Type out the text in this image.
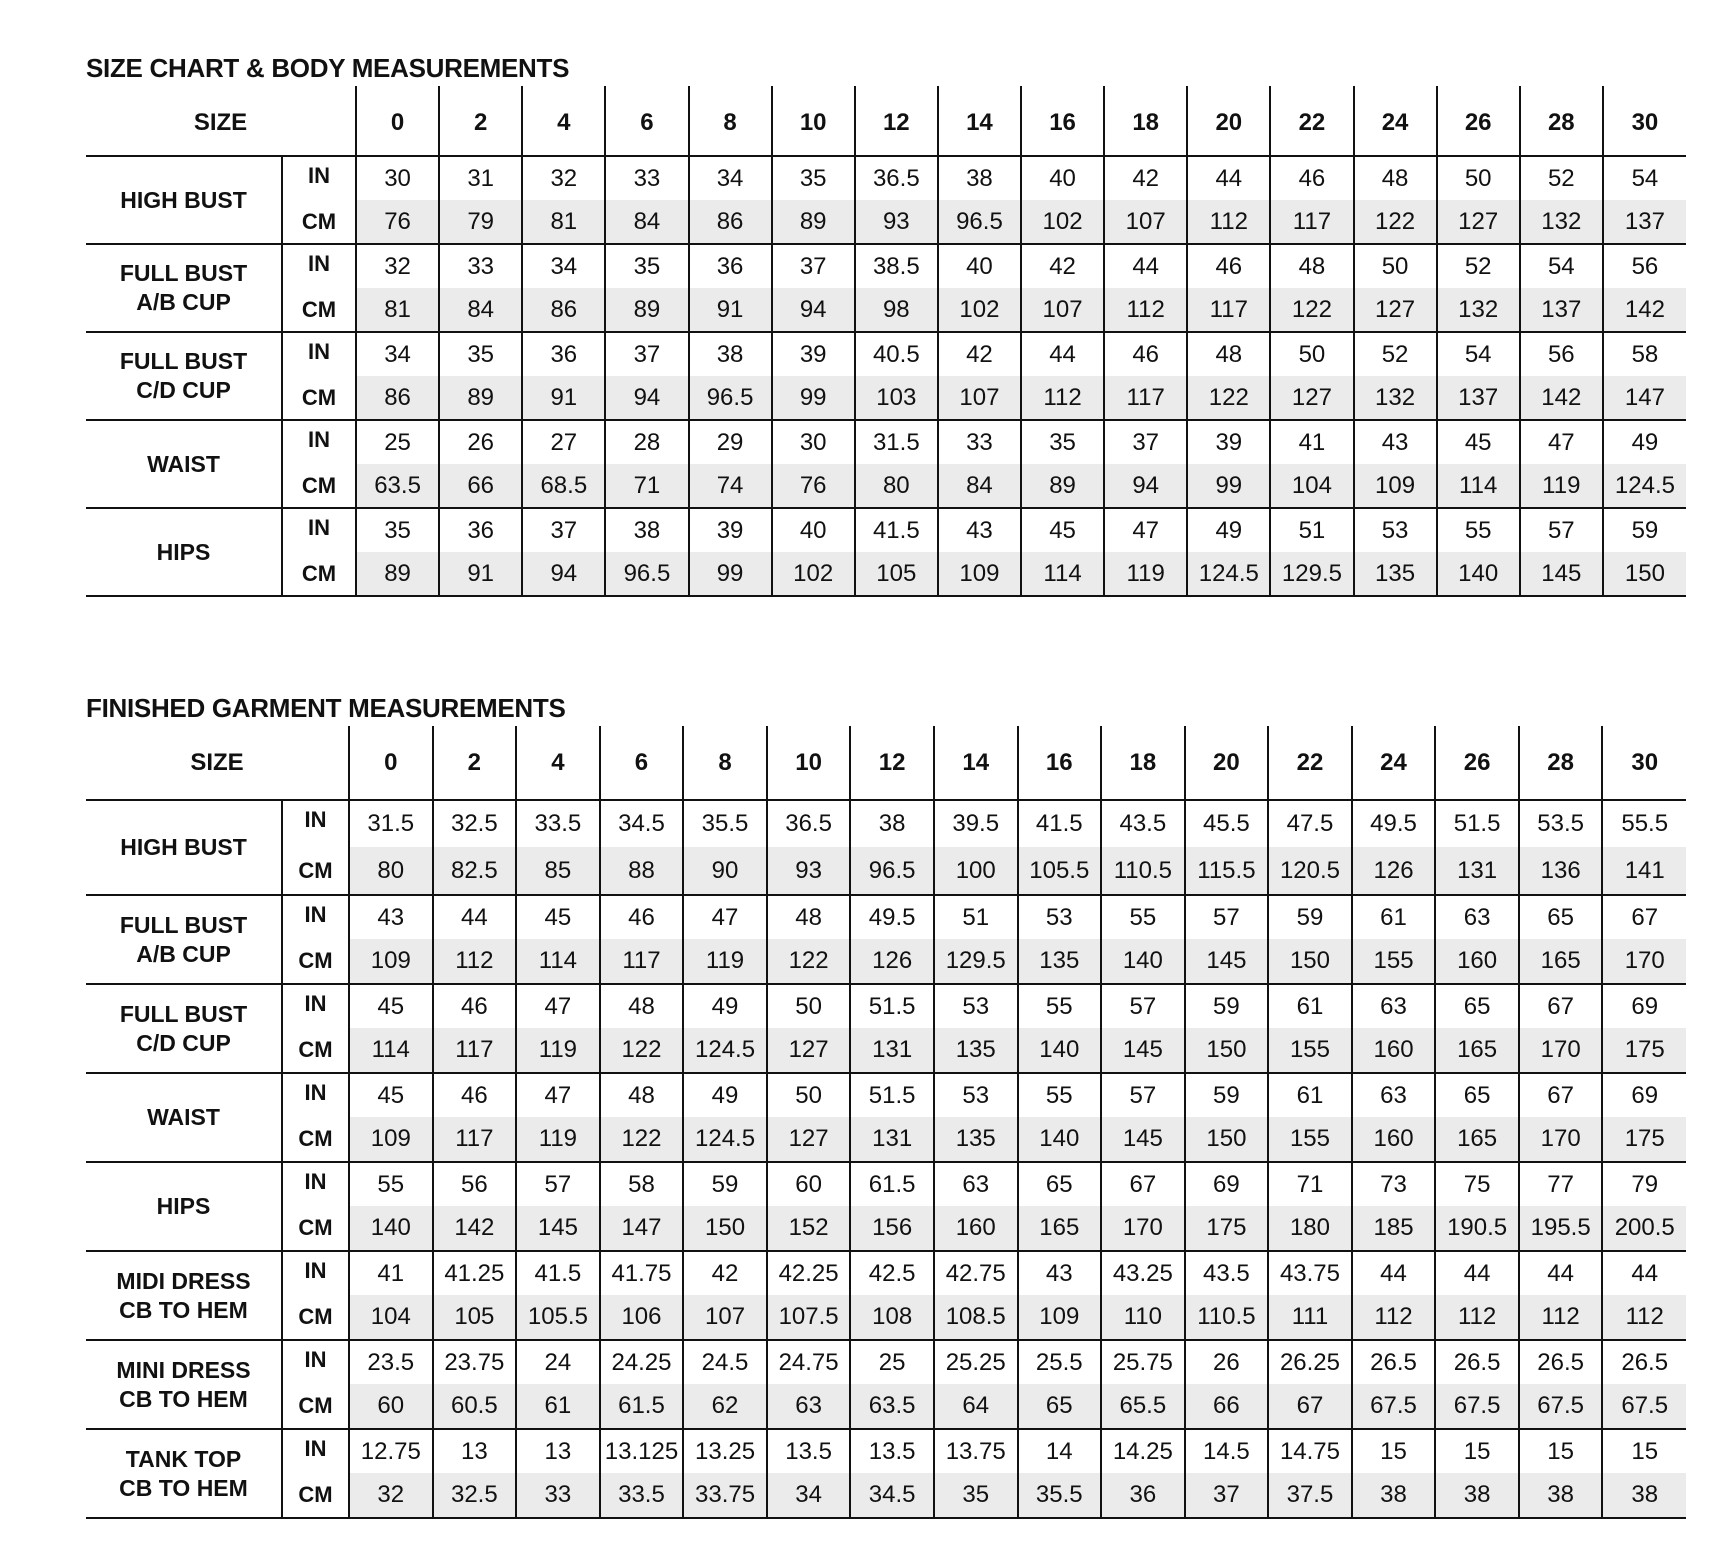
SIZE CHART & BODY MEASUREMENTS
SIZE		0	2	4	6	8	10	12	14	16	18	20	22	24	26	28	30
HIGH BUST	IN	30	31	32	33	34	35	36.5	38	40	42	44	46	48	50	52	54
	CM	76	79	81	84	86	89	93	96.5	102	107	112	117	122	127	132	137
FULL BUST
A/B CUP	IN	32	33	34	35	36	37	38.5	40	42	44	46	48	50	52	54	56
	CM	81	84	86	89	91	94	98	102	107	112	117	122	127	132	137	142
FULL BUST
C/D CUP	IN	34	35	36	37	38	39	40.5	42	44	46	48	50	52	54	56	58
	CM	86	89	91	94	96.5	99	103	107	112	117	122	127	132	137	142	147
WAIST	IN	25	26	27	28	29	30	31.5	33	35	37	39	41	43	45	47	49
	CM	63.5	66	68.5	71	74	76	80	84	89	94	99	104	109	114	119	124.5
HIPS	IN	35	36	37	38	39	40	41.5	43	45	47	49	51	53	55	57	59
	CM	89	91	94	96.5	99	102	105	109	114	119	124.5	129.5	135	140	145	150
FINISHED GARMENT MEASUREMENTS
SIZE		0	2	4	6	8	10	12	14	16	18	20	22	24	26	28	30
HIGH BUST	IN	31.5	32.5	33.5	34.5	35.5	36.5	38	39.5	41.5	43.5	45.5	47.5	49.5	51.5	53.5	55.5
	CM	80	82.5	85	88	90	93	96.5	100	105.5	110.5	115.5	120.5	126	131	136	141
FULL BUST
A/B CUP	IN	43	44	45	46	47	48	49.5	51	53	55	57	59	61	63	65	67
	CM	109	112	114	117	119	122	126	129.5	135	140	145	150	155	160	165	170
FULL BUST
C/D CUP	IN	45	46	47	48	49	50	51.5	53	55	57	59	61	63	65	67	69
	CM	114	117	119	122	124.5	127	131	135	140	145	150	155	160	165	170	175
WAIST	IN	45	46	47	48	49	50	51.5	53	55	57	59	61	63	65	67	69
	CM	109	117	119	122	124.5	127	131	135	140	145	150	155	160	165	170	175
HIPS	IN	55	56	57	58	59	60	61.5	63	65	67	69	71	73	75	77	79
	CM	140	142	145	147	150	152	156	160	165	170	175	180	185	190.5	195.5	200.5
MIDI DRESS
CB TO HEM	IN	41	41.25	41.5	41.75	42	42.25	42.5	42.75	43	43.25	43.5	43.75	44	44	44	44
	CM	104	105	105.5	106	107	107.5	108	108.5	109	110	110.5	111	112	112	112	112
MINI DRESS
CB TO HEM	IN	23.5	23.75	24	24.25	24.5	24.75	25	25.25	25.5	25.75	26	26.25	26.5	26.5	26.5	26.5
	CM	60	60.5	61	61.5	62	63	63.5	64	65	65.5	66	67	67.5	67.5	67.5	67.5
TANK TOP
CB TO HEM	IN	12.75	13	13	13.125	13.25	13.5	13.5	13.75	14	14.25	14.5	14.75	15	15	15	15
	CM	32	32.5	33	33.5	33.75	34	34.5	35	35.5	36	37	37.5	38	38	38	38
